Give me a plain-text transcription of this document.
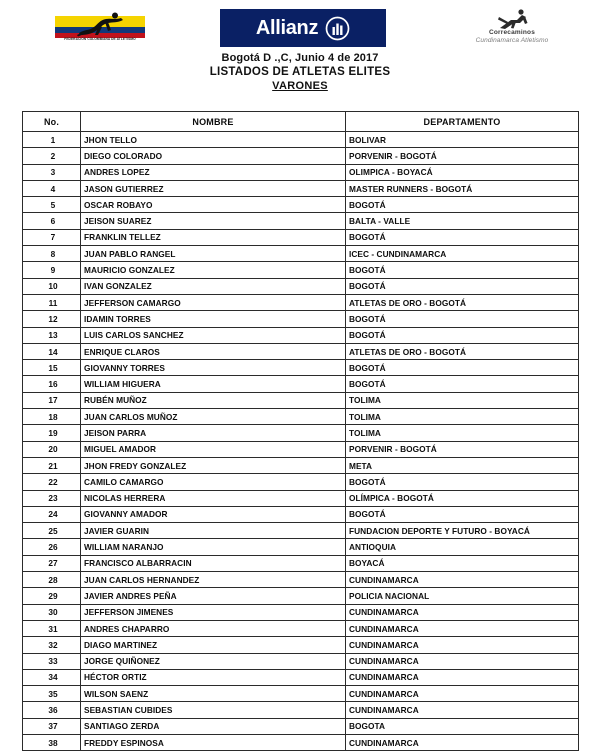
FEDERACION COLOMBIANA DE ATLETISMO
Allianz	Correcaminos
Cundinamarca Atletismo
Bogotá D .,C, Junio 4 de 2017
LISTADOS DE ATLETAS ELITES
VARONES
No.	NOMBRE	DEPARTAMENTO
1	JHON TELLO	BOLIVAR
2	DIEGO COLORADO	PORVENIR - BOGOTÁ
3	ANDRES LOPEZ	OLIMPICA - BOYACÁ
4	JASON GUTIERREZ	MASTER RUNNERS - BOGOTÁ
5	OSCAR ROBAYO	BOGOTÁ
6	JEISON SUAREZ	BALTA - VALLE
7	FRANKLIN TELLEZ	BOGOTÁ
8	JUAN PABLO RANGEL	ICEC - CUNDINAMARCA
9	MAURICIO GONZALEZ	BOGOTÁ
10	IVAN GONZALEZ	BOGOTÁ
11	JEFFERSON CAMARGO	ATLETAS DE ORO - BOGOTÁ
12	IDAMIN TORRES	BOGOTÁ
13	LUIS CARLOS SANCHEZ	BOGOTÁ
14	ENRIQUE CLAROS	ATLETAS DE ORO - BOGOTÁ
15	GIOVANNY TORRES	BOGOTÁ
16	WILLIAM HIGUERA	BOGOTÁ
17	RUBÉN MUÑOZ	TOLIMA
18	JUAN CARLOS MUÑOZ	TOLIMA
19	JEISON PARRA	TOLIMA
20	MIGUEL AMADOR	PORVENIR - BOGOTÁ
21	JHON FREDY GONZALEZ	META
22	CAMILO CAMARGO	BOGOTÁ
23	NICOLAS HERRERA	OLÍMPICA - BOGOTÁ
24	GIOVANNY AMADOR	BOGOTÁ
25	JAVIER GUARIN	FUNDACION DEPORTE Y FUTURO - BOYACÁ
26	WILLIAM NARANJO	ANTIOQUIA
27	FRANCISCO ALBARRACIN	BOYACÁ
28	JUAN CARLOS HERNANDEZ	CUNDINAMARCA
29	JAVIER ANDRES PEÑA	POLICIA NACIONAL
30	JEFFERSON JIMENES	CUNDINAMARCA
31	ANDRES CHAPARRO	CUNDINAMARCA
32	DIAGO MARTINEZ	CUNDINAMARCA
33	JORGE QUIÑONEZ	CUNDINAMARCA
34	HÉCTOR ORTIZ	CUNDINAMARCA
35	WILSON SAENZ	CUNDINAMARCA
36	SEBASTIAN CUBIDES	CUNDINAMARCA
37	SANTIAGO ZERDA	BOGOTA
38	FREDDY ESPINOSA	CUNDINAMARCA
